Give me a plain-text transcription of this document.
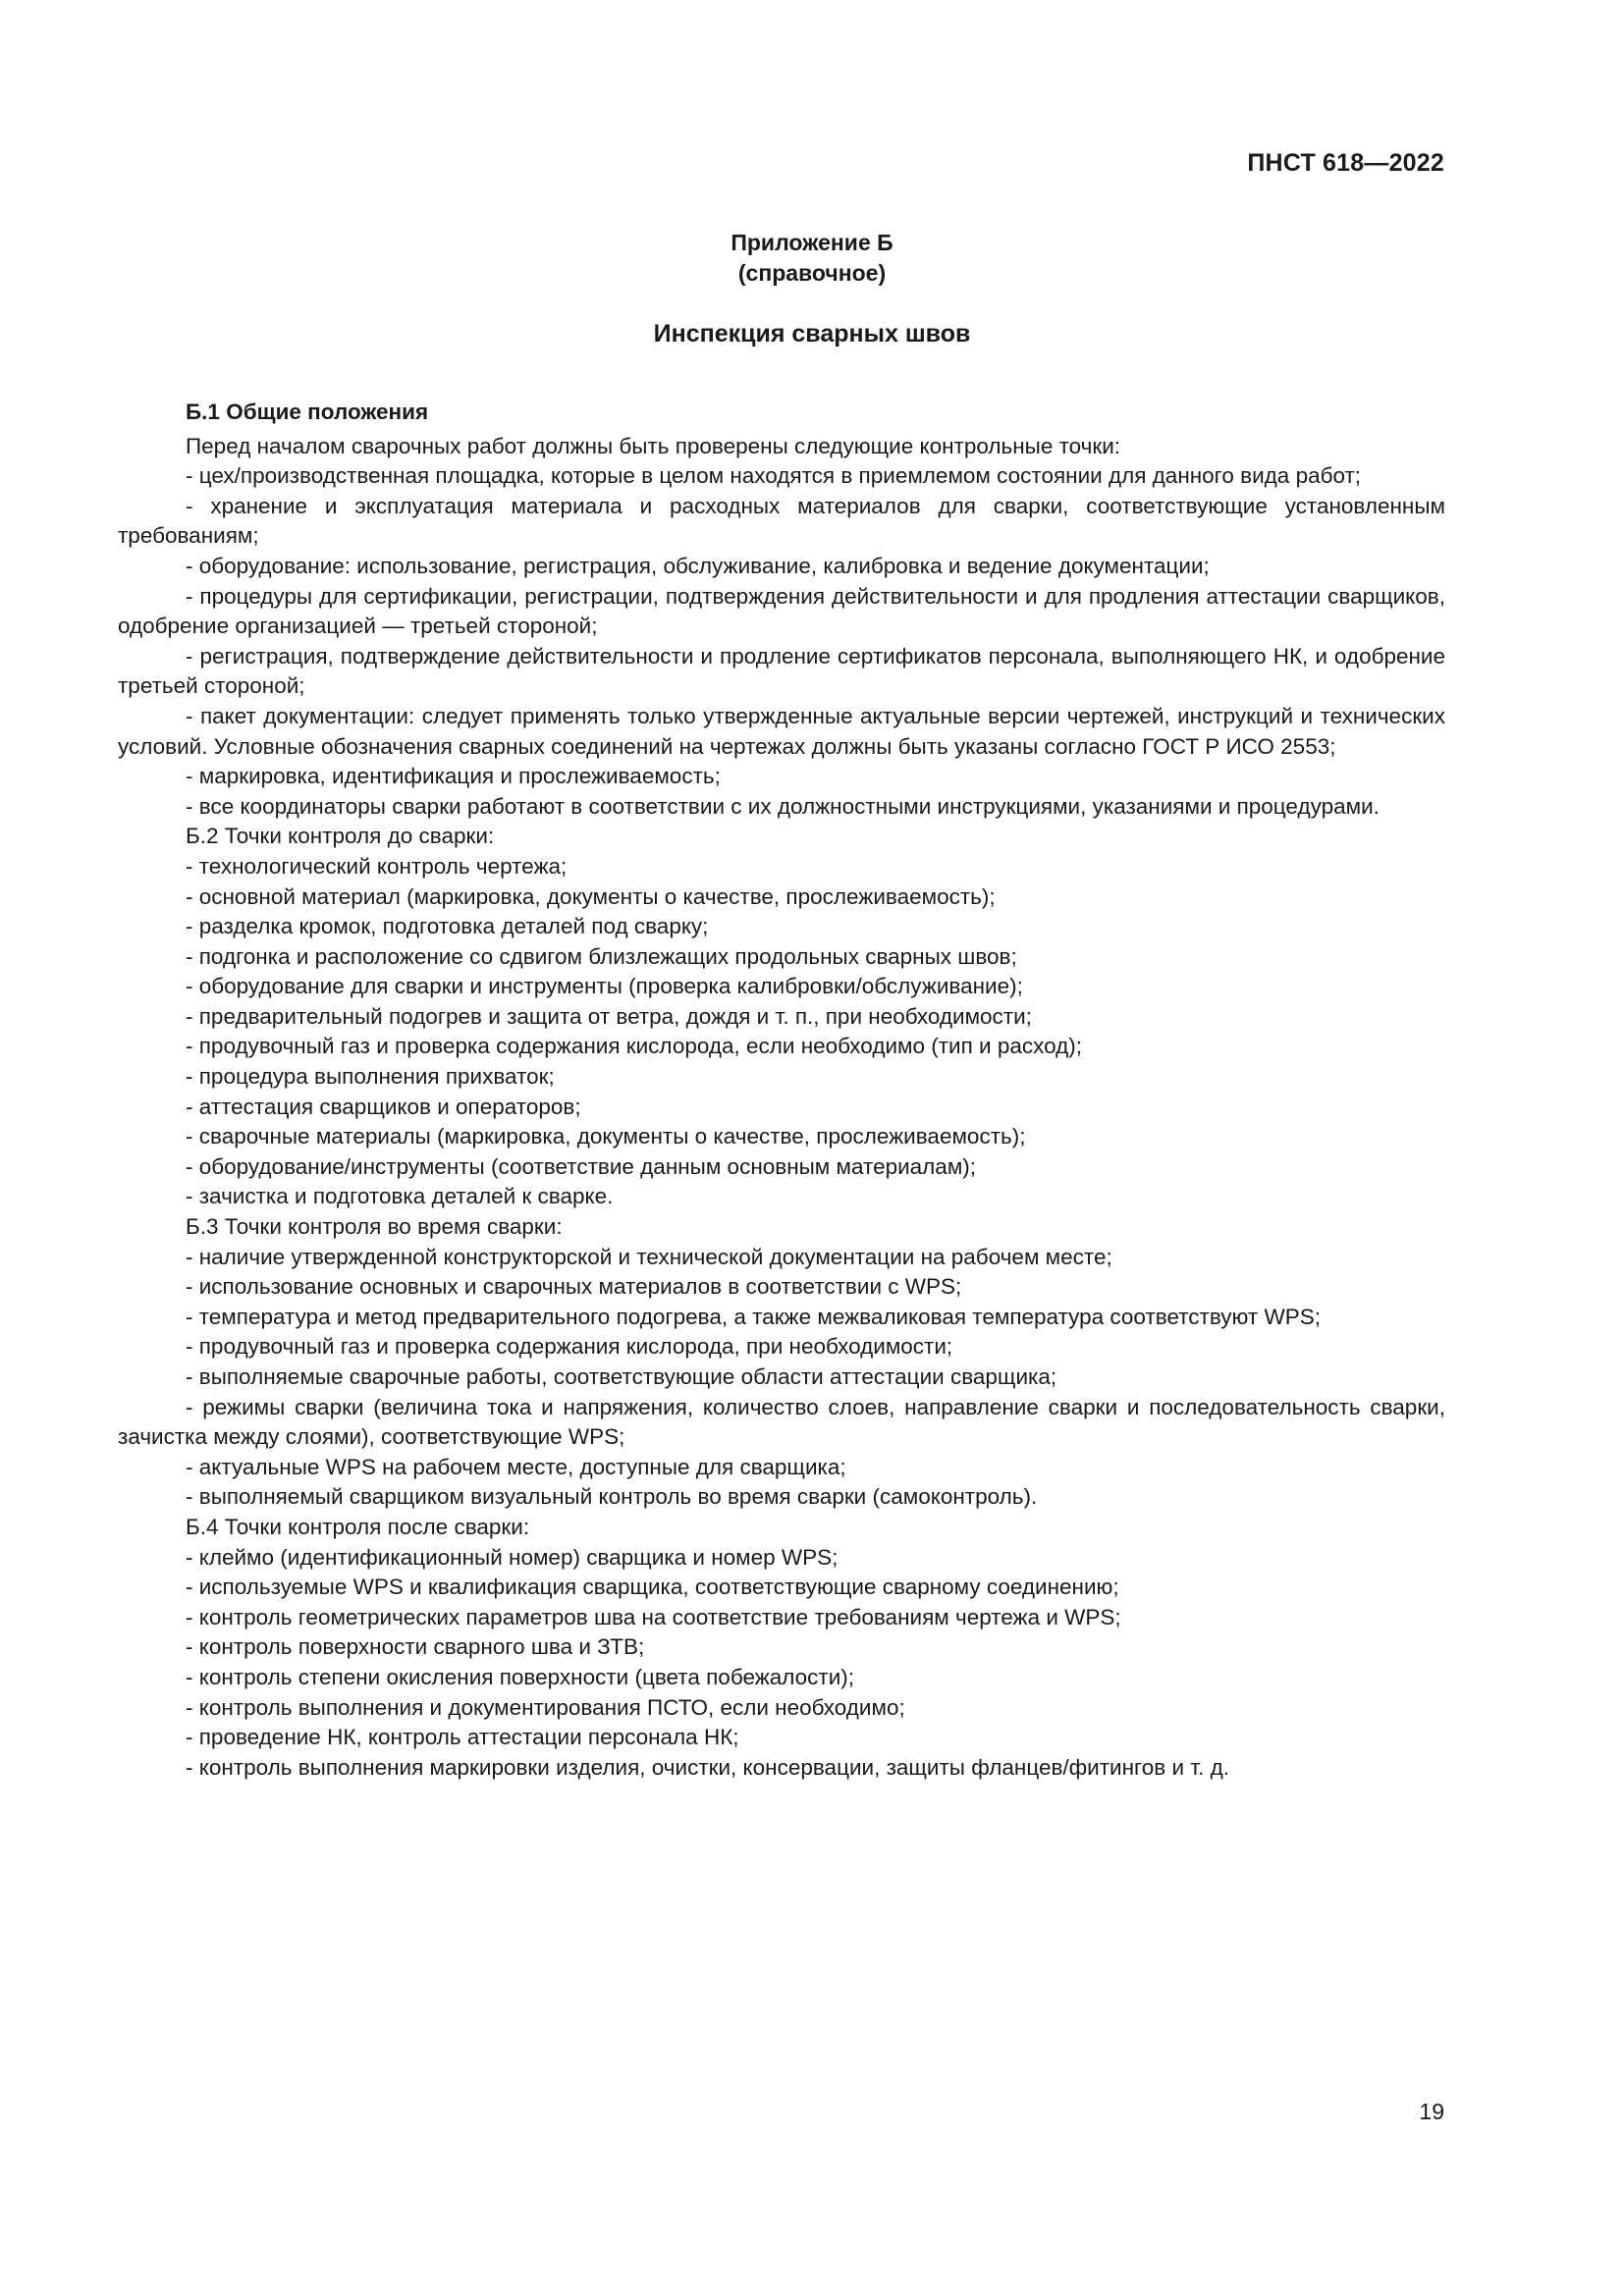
ПНСТ 618—2022
Приложение Б
(справочное)
Инспекция сварных швов

Б.1 Общие положения

Перед началом сварочных работ должны быть проверены следующие контрольные точки:

- цех/производственная площадка, которые в целом находятся в приемлемом состоянии для данного вида работ;

- хранение и эксплуатация материала и расходных материалов для сварки, соответствующие установленным требованиям;

- оборудование: использование, регистрация, обслуживание, калибровка и ведение документации;

- процедуры для сертификации, регистрации, подтверждения действительности и для продления аттестации сварщиков, одобрение организацией — третьей стороной;

- регистрация, подтверждение действительности и продление сертификатов персонала, выполняющего НК, и одобрение третьей стороной;

- пакет документации: следует применять только утвержденные актуальные версии чертежей, инструкций и технических условий. Условные обозначения сварных соединений на чертежах должны быть указаны согласно ГОСТ Р ИСО 2553;

- маркировка, идентификация и прослеживаемость;

- все координаторы сварки работают в соответствии с их должностными инструкциями, указаниями и процедурами.

Б.2 Точки контроля до сварки:

- технологический контроль чертежа;

- основной материал (маркировка, документы о качестве, прослеживаемость);

- разделка кромок, подготовка деталей под сварку;

- подгонка и расположение со сдвигом близлежащих продольных сварных швов;

- оборудование для сварки и инструменты (проверка калибровки/обслуживание);

- предварительный подогрев и защита от ветра, дождя и т. п., при необходимости;

- продувочный газ и проверка содержания кислорода, если необходимо (тип и расход);

- процедура выполнения прихваток;

- аттестация сварщиков и операторов;

- сварочные материалы (маркировка, документы о качестве, прослеживаемость);

- оборудование/инструменты (соответствие данным основным материалам);

- зачистка и подготовка деталей к сварке.

Б.3 Точки контроля во время сварки:

- наличие утвержденной конструкторской и технической документации на рабочем месте;

- использование основных и сварочных материалов в соответствии с WPS;

- температура и метод предварительного подогрева, а также межваликовая температура соответствуют WPS;

- продувочный газ и проверка содержания кислорода, при необходимости;

- выполняемые сварочные работы, соответствующие области аттестации сварщика;

- режимы сварки (величина тока и напряжения, количество слоев, направление сварки и последовательность сварки, зачистка между слоями), соответствующие WPS;

- актуальные WPS на рабочем месте, доступные для сварщика;

- выполняемый сварщиком визуальный контроль во время сварки (самоконтроль).

Б.4 Точки контроля после сварки:

- клеймо (идентификационный номер) сварщика и номер WPS;

- используемые WPS и квалификация сварщика, соответствующие сварному соединению;

- контроль геометрических параметров шва на соответствие требованиям чертежа и WPS;

- контроль поверхности сварного шва и ЗТВ;

- контроль степени окисления поверхности (цвета побежалости);

- контроль выполнения и документирования ПСТО, если необходимо;

- проведение НК, контроль аттестации персонала НК;

- контроль выполнения маркировки изделия, очистки, консервации, защиты фланцев/фитингов и т. д.

19
